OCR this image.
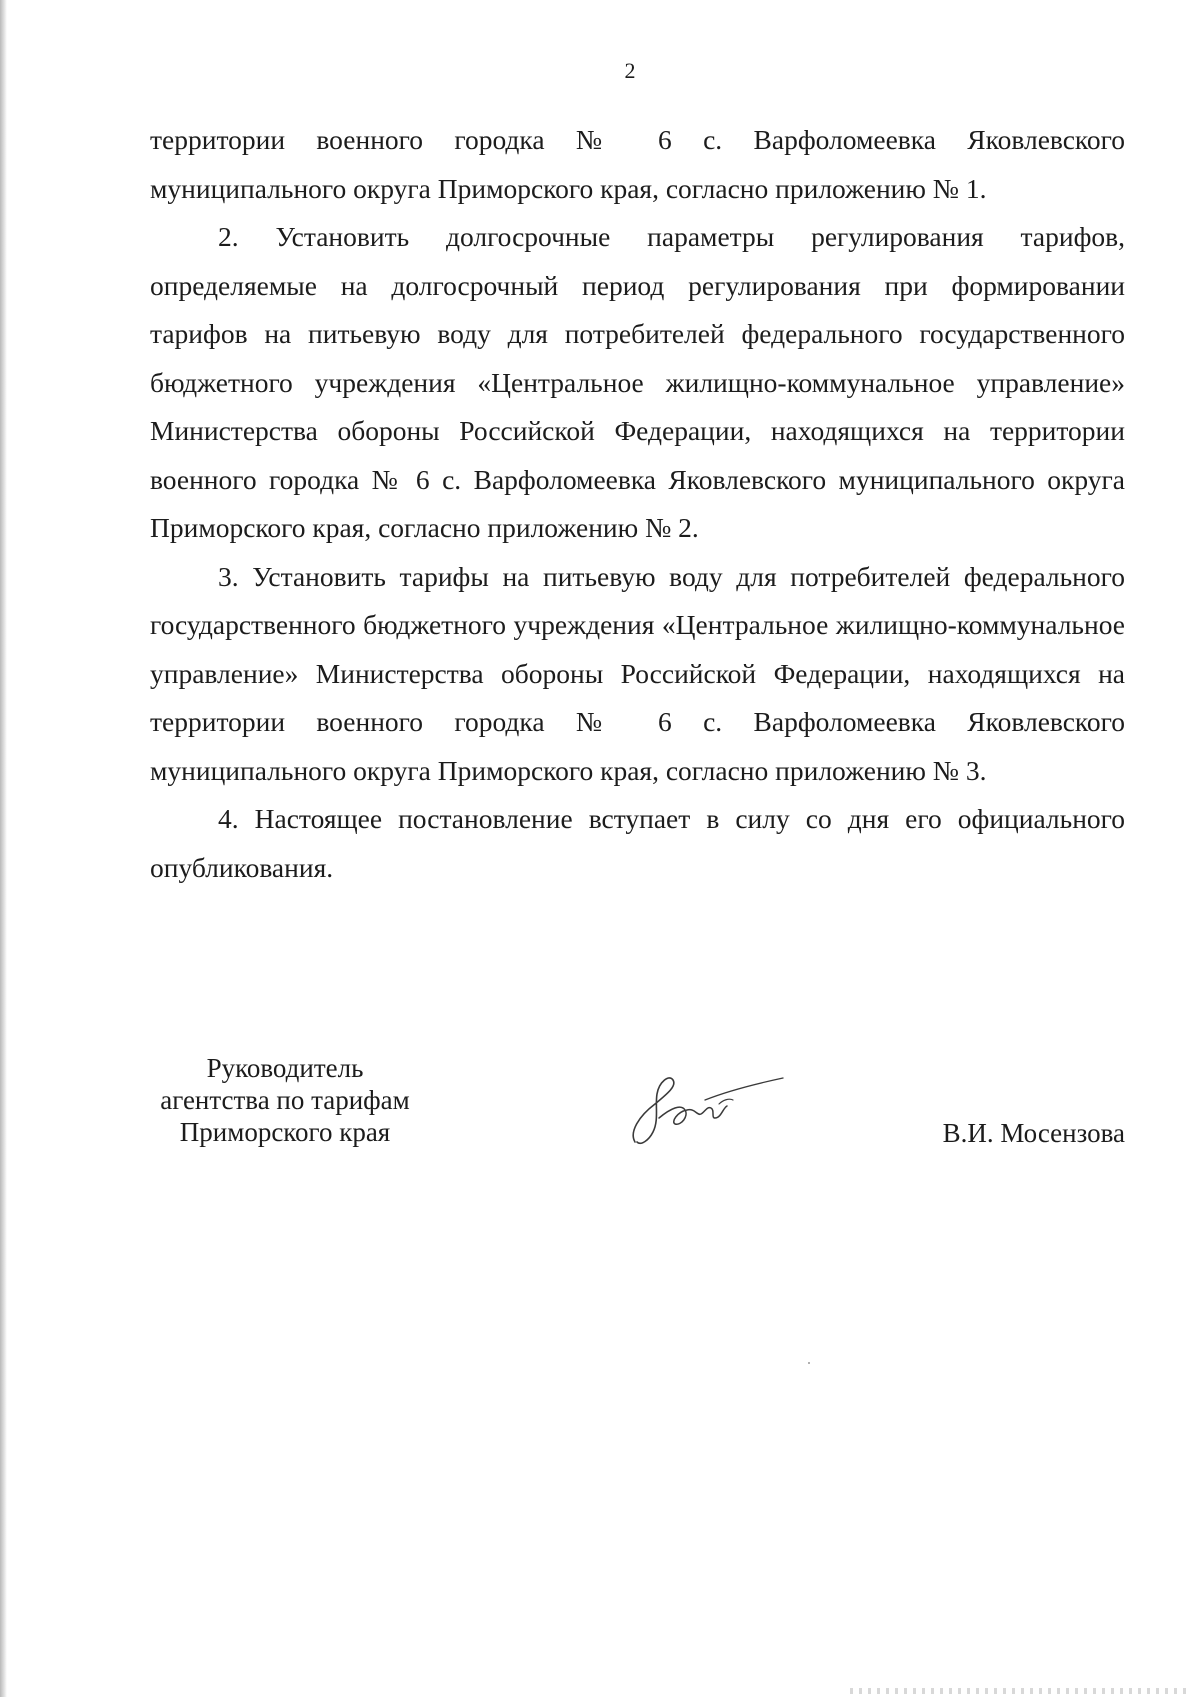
2

территории военного городка № 6 с. Варфоломеевка Яковлевского муниципального округа Приморского края, согласно приложению № 1.

2. Установить долгосрочные параметры регулирования тарифов, определяемые на долгосрочный период регулирования при формировании тарифов на питьевую воду для потребителей федерального государственного бюджетного учреждения «Центральное жилищно-коммунальное управление» Министерства обороны Российской Федерации, находящихся на территории военного городка № 6 с. Варфоломеевка Яковлевского муниципального округа Приморского края, согласно приложению № 2.

3. Установить тарифы на питьевую воду для потребителей федерального государственного бюджетного учреждения «Центральное жилищно-коммунальное управление» Министерства обороны Российской Федерации, находящихся на территории военного городка № 6 с. Варфоломеевка Яковлевского муниципального округа Приморского края, согласно приложению № 3.

4. Настоящее постановление вступает в силу со дня его официального опубликования.

Руководитель
агентства по тарифам
Приморского края	В.И. Мосензова
